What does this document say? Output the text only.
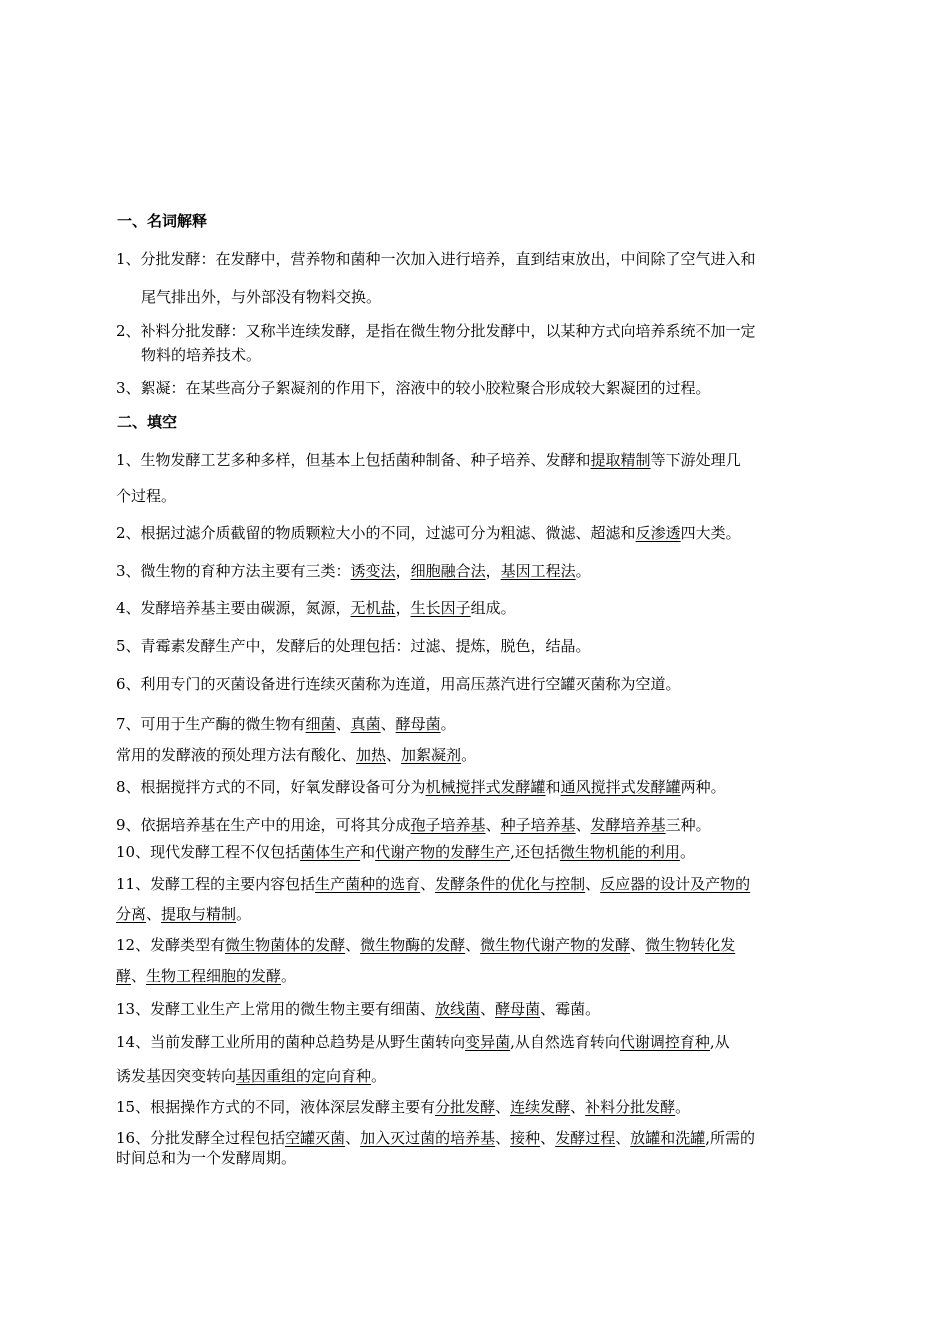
一、名词解释
1、分批发酵：在发酵中，营养物和菌种一次加入进行培养，直到结束放出，中间除了空气进入和
尾气排出外，与外部没有物料交换。
2、补料分批发酵：又称半连续发酵，是指在微生物分批发酵中，以某种方式向培养系统不加一定
物料的培养技术。
3、絮凝：在某些高分子絮凝剂的作用下，溶液中的较小胶粒聚合形成较大絮凝团的过程。
二、填空
1、生物发酵工艺多种多样，但基本上包括菌种制备、种子培养、发酵和提取精制等下游处理几
个过程。
2、根据过滤介质截留的物质颗粒大小的不同，过滤可分为粗滤、微滤、超滤和反渗透四大类。
3、微生物的育种方法主要有三类：诱变法，细胞融合法，基因工程法。
4、发酵培养基主要由碳源，氮源，无机盐，生长因子组成。
5、青霉素发酵生产中，发酵后的处理包括：过滤、提炼，脱色，结晶。
6、利用专门的灭菌设备进行连续灭菌称为连道，用高压蒸汽进行空罐灭菌称为空道。
7、可用于生产酶的微生物有细菌、真菌、酵母菌。
常用的发酵液的预处理方法有酸化、加热、加絮凝剂。
8、根据搅拌方式的不同，好氧发酵设备可分为机械搅拌式发酵罐和通风搅拌式发酵罐两种。
9、依据培养基在生产中的用途，可将其分成孢子培养基、种子培养基、发酵培养基三种。
10、现代发酵工程不仅包括菌体生产和代谢产物的发酵生产,还包括微生物机能的利用。
11、发酵工程的主要内容包括生产菌种的选育、发酵条件的优化与控制、反应器的设计及产物的
分离、提取与精制。
12、发酵类型有微生物菌体的发酵、微生物酶的发酵、微生物代谢产物的发酵、微生物转化发
酵、生物工程细胞的发酵。
13、发酵工业生产上常用的微生物主要有细菌、放线菌、酵母菌、霉菌。
14、当前发酵工业所用的菌种总趋势是从野生菌转向变异菌,从自然选育转向代谢调控育种,从
诱发基因突变转向基因重组的定向育种。
15、根据操作方式的不同，液体深层发酵主要有分批发酵、连续发酵、补料分批发酵。
16、分批发酵全过程包括空罐灭菌、加入灭过菌的培养基、接种、发酵过程、放罐和洗罐,所需的
时间总和为一个发酵周期。
